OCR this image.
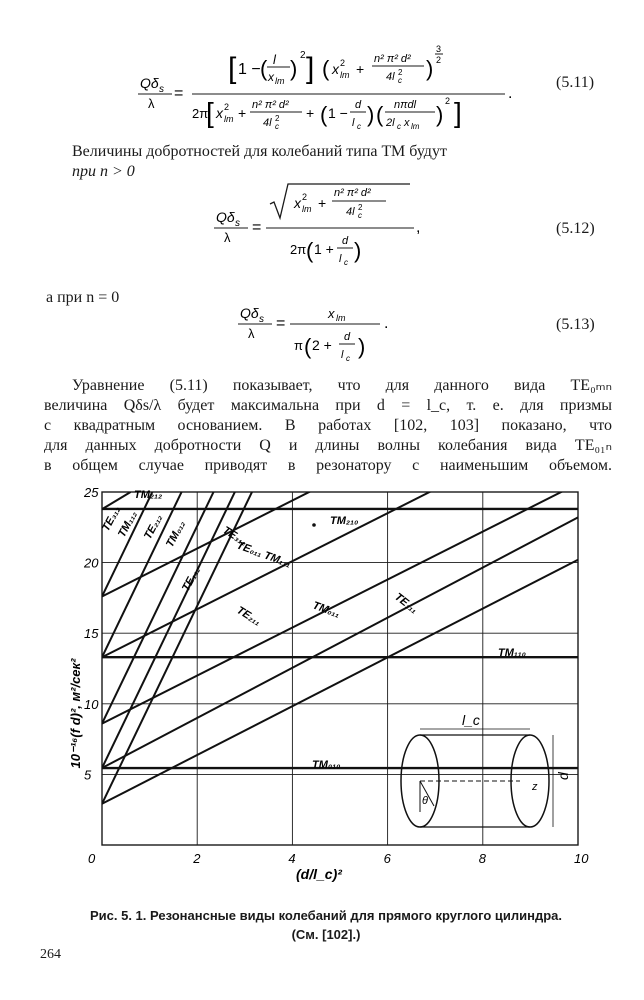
Qδ s
λ
=
[ 1 − ( l
x lm )
2 ] ( x 2
lm +
n² π² d²
4l c
2 )
3
2
2π
[ x 2
lm + n² π² d²
4l c
2 + ( 1 − d
l c ) ( nπdl
2l c x lm )
2 ]
.
(5.11)
Величины добротностей для колебаний типа ТМ будут
при n > 0
Qδ s
λ
=
x 2
lm +
n² π² d²
4l c
2
2π ( 1 + d
l c )
,	(5.12)
а при n = 0
Qδ s
λ
=
x lm
π ( 2 + d
l c )
.	(5.13)
Уравнение (5.11) показывает, что для данного вида TE₀ₘₙ
величина Qδs/λ будет максимальна при d = l_c, т. е. для призмы
с квадратным основанием. В работах [102, 103] показано, что
для данных добротности Q и длины волны колебания вида TE₀₁ₙ
в общем случае приводят в резонатору с наименьшим объемом.
0	2	4	6	8	10
5
10
15
20
25	TM₂₁₂
TE₃₁₂
TM₁₁₂ TE₂₁₂ TM₀₁₂
TE₁₁₂
TE₃₁₁
TE₀₁₁ TM₁₁₁
TM₂₁₀
TE₂₁₁	TM₀₁₁	TE₁₁₁
TM₁₁₀
TM₀₁₀
(d/l_c)²
10⁻¹⁶(f d)², м²/сек²	l_c
d
θ
z
Рис. 5. 1. Резонансные виды колебаний для прямого круглого цилиндра.
(См. [102].)
264
